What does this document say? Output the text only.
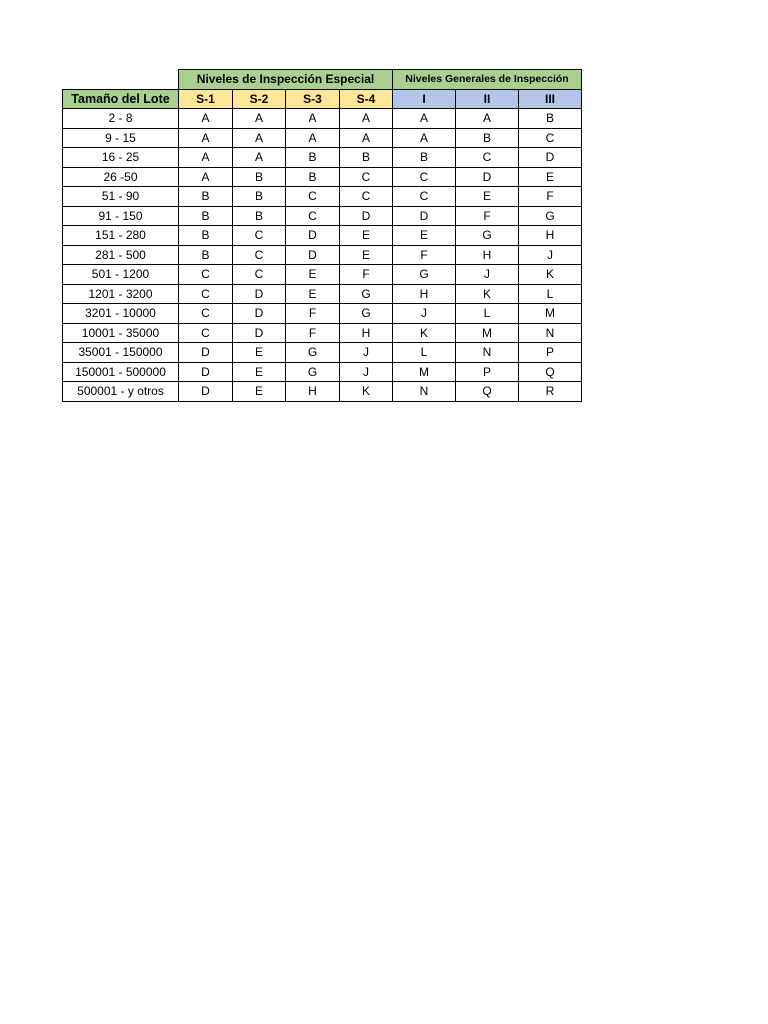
	Niveles de Inspección Especial				Niveles Generales de Inspección		
Tamaño del Lote	S-1	S-2	S-3	S-4	I	II	III
2 - 8	A	A	A	A	A	A	B
9 - 15	A	A	A	A	A	B	C
16 - 25	A	A	B	B	B	C	D
26 -50	A	B	B	C	C	D	E
51 - 90	B	B	C	C	C	E	F
91 - 150	B	B	C	D	D	F	G
151 - 280	B	C	D	E	E	G	H
281 - 500	B	C	D	E	F	H	J
501 - 1200	C	C	E	F	G	J	K
1201 - 3200	C	D	E	G	H	K	L
3201 - 10000	C	D	F	G	J	L	M
10001 - 35000	C	D	F	H	K	M	N
35001 - 150000	D	E	G	J	L	N	P
150001 - 500000	D	E	G	J	M	P	Q
500001 - y otros	D	E	H	K	N	Q	R
